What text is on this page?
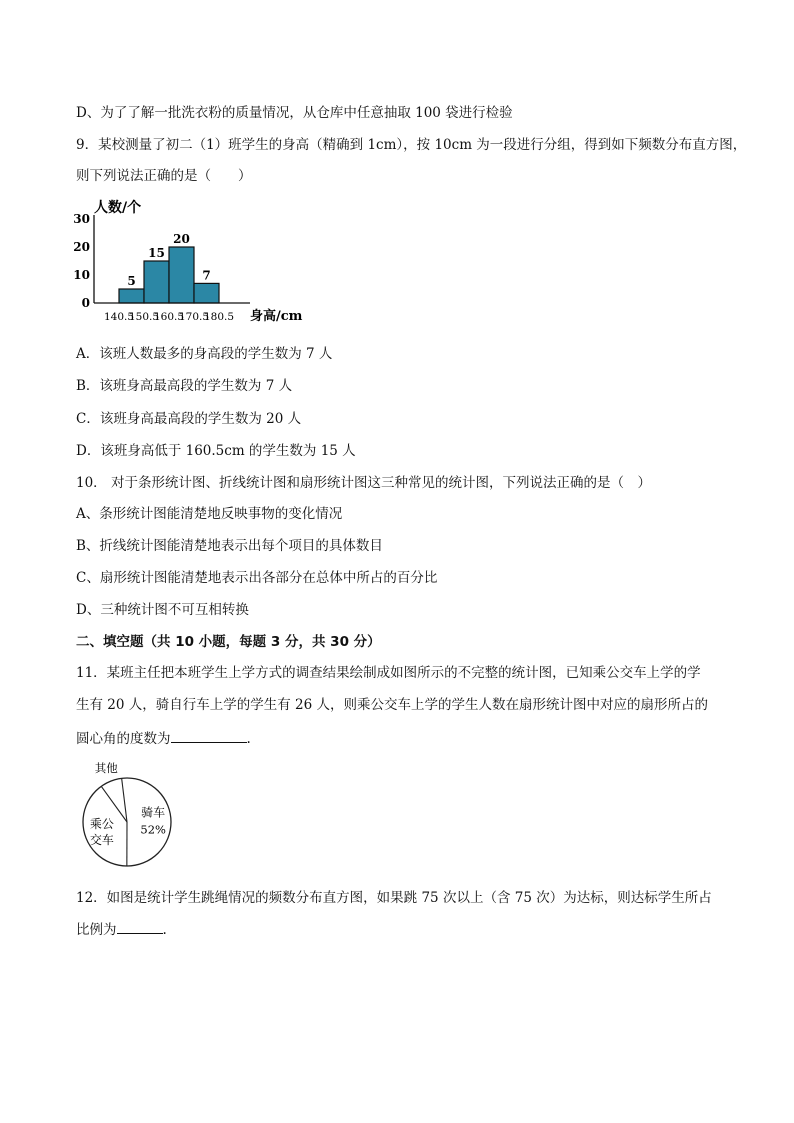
D、为了了解一批洗衣粉的质量情况，从仓库中任意抽取 100 袋进行检验
9．某校测量了初二（1）班学生的身高（精确到 1cm），按 10cm 为一段进行分组，得到如下频数分布直方图，
则下列说法正确的是（　　）
人数/个
0
10
20
30
5
15
20
7
140.5
150.5
160.5
170.5
180.5 身高/cm
A．该班人数最多的身高段的学生数为 7 人
B．该班身高最高段的学生数为 7 人
C．该班身高最高段的学生数为 20 人
D．该班身高低于 160.5cm 的学生数为 15 人
10． 对于条形统计图、折线统计图和扇形统计图这三种常见的统计图，下列说法正确的是（　）
A、条形统计图能清楚地反映事物的变化情况
B、折线统计图能清楚地表示出每个项目的具体数目
C、扇形统计图能清楚地表示出各部分在总体中所占的百分比
D、三种统计图不可互相转换
二、填空题（共 10 小题，每题 3 分，共 30 分）
11．某班主任把本班学生上学方式的调查结果绘制成如图所示的不完整的统计图，已知乘公交车上学的学
生有 20 人，骑自行车上学的学生有 26 人，则乘公交车上学的学生人数在扇形统计图中对应的扇形所占的
圆心角的度数为	.
骑车
52%
乘公
交车
其他
12．如图是统计学生跳绳情况的频数分布直方图，如果跳 75 次以上（含 75 次）为达标，则达标学生所占
比例为	.
